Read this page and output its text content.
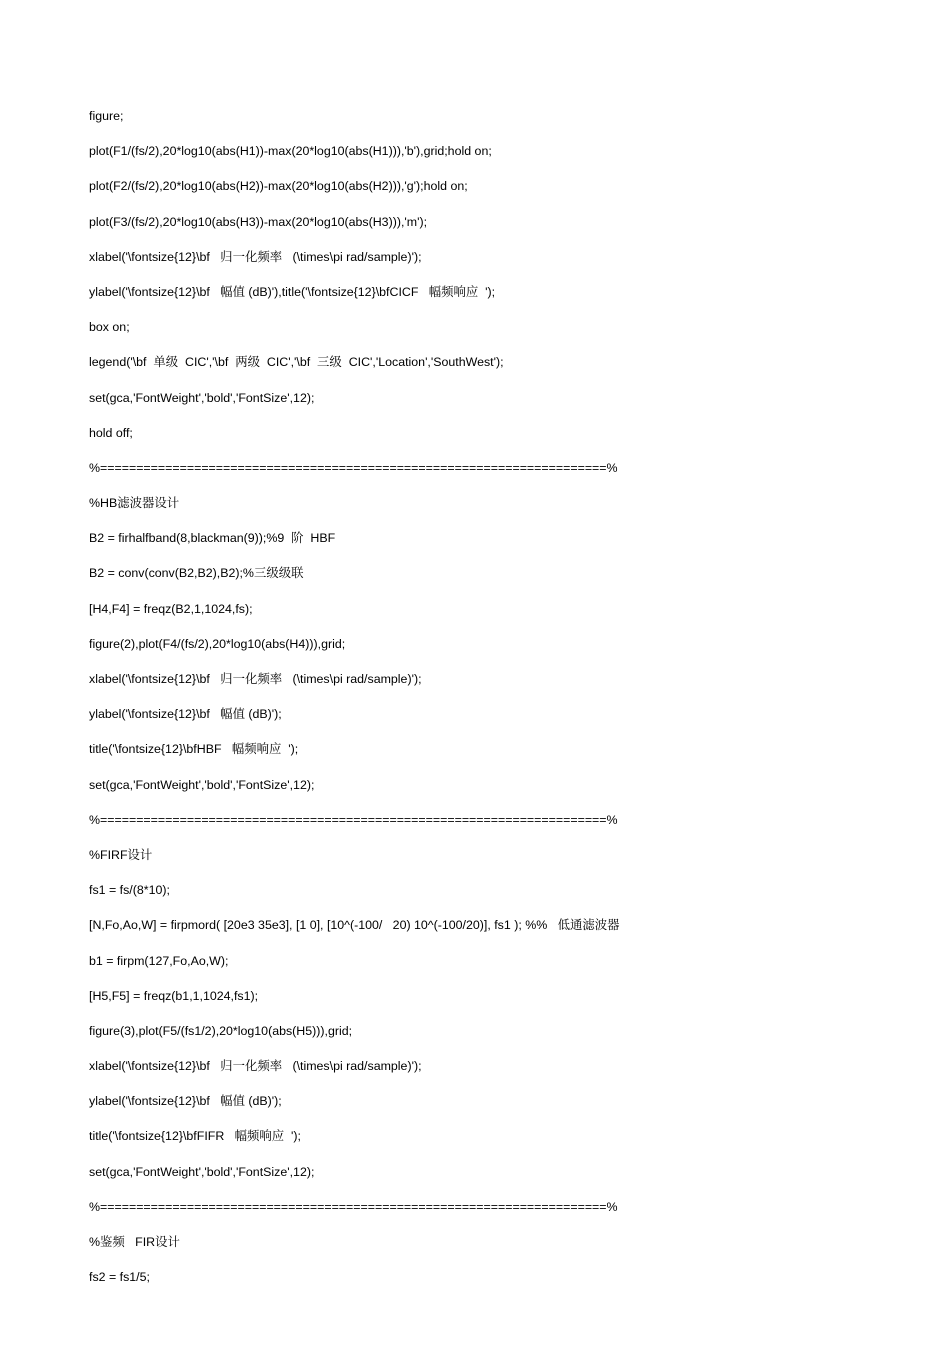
figure;
plot(F1/(fs/2),20*log10(abs(H1))-max(20*log10(abs(H1))),'b'),grid;hold on;
plot(F2/(fs/2),20*log10(abs(H2))-max(20*log10(abs(H2))),'g');hold on;
plot(F3/(fs/2),20*log10(abs(H3))-max(20*log10(abs(H3))),'m');
xlabel('\fontsize{12}\bf   归一化频率   (\times\pi rad/sample)');
ylabel('\fontsize{12}\bf   幅值 (dB)'),title('\fontsize{12}\bfCICF   幅频响应  ');
box on;
legend('\bf  单级  CIC','\bf  两级  CIC','\bf  三级  CIC','Location','SouthWest');
set(gca,'FontWeight','bold','FontSize',12);
hold off;
%======================================================================%
%HB滤波器设计
B2 = firhalfband(8,blackman(9));%9  阶  HBF
B2 = conv(conv(B2,B2),B2);%三级级联
[H4,F4] = freqz(B2,1,1024,fs);
figure(2),plot(F4/(fs/2),20*log10(abs(H4))),grid;
xlabel('\fontsize{12}\bf   归一化频率   (\times\pi rad/sample)');
ylabel('\fontsize{12}\bf   幅值 (dB)');
title('\fontsize{12}\bfHBF   幅频响应  ');
set(gca,'FontWeight','bold','FontSize',12);
%======================================================================%
%FIRF设计
fs1 = fs/(8*10);
[N,Fo,Ao,W] = firpmord( [20e3 35e3], [1 0], [10^(-100/   20) 10^(-100/20)], fs1 ); %%   低通滤波器
b1 = firpm(127,Fo,Ao,W);
[H5,F5] = freqz(b1,1,1024,fs1);
figure(3),plot(F5/(fs1/2),20*log10(abs(H5))),grid;
xlabel('\fontsize{12}\bf   归一化频率   (\times\pi rad/sample)');
ylabel('\fontsize{12}\bf   幅值 (dB)');
title('\fontsize{12}\bfFIFR   幅频响应  ');
set(gca,'FontWeight','bold','FontSize',12);
%======================================================================%
%鉴频   FIR设计
fs2 = fs1/5;
